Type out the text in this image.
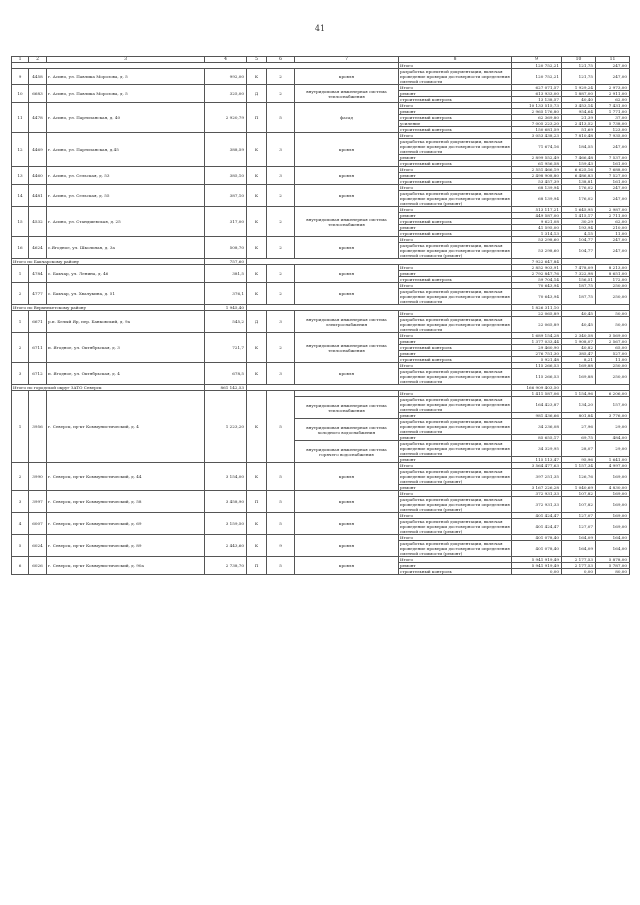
41
1	2	3	4	5	6	7	8	9	10	11
							Итого	120 752,21	121,75	247,00
9	4458	г. Асино, ул. Павлика Морозова, д. 5	992,00	К	2	кровля	разработка проектной документации, включая проведение проверки достоверности определения сметной стоимости	120 752,21	121,75	247,00
10	6683	г. Асино, ул. Павлика Морозова, д. 5	325,00	Д	2	внутридомовая инженерная система теплоснабжения	Итого	627 071,57	1 929,24	2 973,00
							ремонт	613 933,00	1 887,00	2 911,00
							строительный контроль	13 138,57	40,40	62,00
11	4478	г. Асино, ул. Партизанская, д. 40	2 920,79	П	5	фасад	Итого	10 133 515,73	3 453,14	7 431,00
							ремонт	2 965 176,80	954,64	1 771,00
							строительный контроль	62 369,80	21,39	37,00
							усиление	7 005 223,20	2 413,52	5 738,00
							строительный контроль	150 681,59	51,69	123,00
12	4469	г. Асино, ул. Партизанская, д.45	388,59	К	3	кровля	Итого	3 053 438,23	7 810,48	7 935,00
							разработка проектной документации, включая проведение проверки достоверности определения сметной стоимости	71 674,16	184,55	247,00
							ремонт	2 899 552,49	7 466,48	7 537,00
							строительный контроль	61 956,58	159,43	161,00
13	4460	г. Асино, ул. Сельская, д. 53	385,10	К	3	кровля	Итого	2 551 466,19	6 625,16	7 688,00
							ремонт	2 498 908,80	6 486,83	7 527,00
							строительный контроль	53 457,39	138,81	161,00
14	4481	г. Асино, ул. Сельская, д. 55	387,10	К	2	кровля	Итого	68 139,94	176,02	247,00
							разработка проектной документации, включая проведение проверки достоверности определения сметной стоимости (ремонт)	68 139,94	176,02	247,00
15	4532	г. Асино, ул. Стандшевская, д. 25	317,00	К	2	внутридомовая инженерная система теплоснабжения	Итого	513 117,21	1 645,95	2 987,00
							ремонт	449 587,00	1 415,17	2 711,00
							строительный контроль	9 621,08	30,29	62,00
							ремонт	41 595,00	193,94	210,00
							строительный контроль	1 314,13	4,15	11,00
16	4624	с.Ягодное, ул. Школьная, д. 3а	508,70	К	2	кровля	Итого	53 298,60	104,77	247,00
							разработка проектной документации, включая проведение проверки достоверности определения сметной стоимости (ремонт)	53 298,60	104,77	247,00
Итого по Бакчарскому району			757,60					7 922 647,84		
1	4784	с. Бакчар, ул. Ленина, д. 46	381,5	К	2	кровля	Итого	2 852 903,91	7 478,09	8 213,00
							ремонт	2 792 847,76	7 322,98	8 651,00
							строительный контроль	59 704,14	156,51	172,00
2	4777	с. Бакчар, ул. Хвалукина, д. 51	376,1	К	2	кровля	Итого	70 643,94	187,75	250,00
							разработка проектной документации, включая проведение проверки достоверности определения сметной стоимости	70 643,94	187,75	250,00
Итого по Верхнекетскому району			1 945,40					1 826 311,10		
1	6671	р.п. Белый Яр, пер. Банковский, д. 9а	545,2	Д	3	внутридомовая инженерная система электроснабжения	Итого	22 065,89	40,45	50,00
							разработка проектной документации, включая проведение проверки достоверности определения сметной стоимости	22 065,89	40,45	50,00
2	6711	п. Ягодное, ул. Октябрьская, д. 3	721,7	К	2	внутридомовая инженерная система теплоснабжения	Итого	1 689 154,28	2 340,58	3 569,00
							ремонт	1 377 033,44	1 908,07	2 567,00
							строительный контроль	29 460,90	40,82	65,00
							ремонт	276 751,30	385,47	527,00
							строительный контроль	5 921,48	8,21	11,00
3	6712	п. Ягодное, ул. Октябрьская, д. 4	678,5	К	3	кровля	Итого	115 266,53	169,88	250,00
							разработка проектной документации, включая проведение проверки достоверности определения сметной стоимости	115 266,53	169,88	250,00
Итого по городской округ ЗАТО Северск			861 142,53					166 909 403,50		
1	3956	г. Северск, пр-кт Коммунистический, д. 4	1 223,20	К	5		Итого	1 411 587,06	1 154,96	6 206,00
						внутридомовая инженерная система теплоснабжения	разработка проектной документации, включая проведение проверки достоверности определения сметной стоимости	164 423,87	134,20	157,00
							ремонт	981 436,66	801,84	3 776,00
						внутридомовая инженерная система холодного водоснабжения	разработка проектной документации, включая проведение проверки достоверности определения сметной стоимости	34 236,08	27,96	29,00
							ремонт	85 655,17	69,75	484,00
						внутридомовая инженерная система горячего водоснабжения	разработка проектной документации, включая проведение проверки достоверности определения сметной стоимости	34 329,95	28,07	29,00
							ремонт	115 113,47	95,96	1 641,00
2	3990	г. Северск, пр-кт Коммунистический, д. 44	3 154,00	К	5	кровля	Итого	3 564 477,63	1 157,34	4 997,00
							разработка проектной документации, включая проведение проверки достоверности определения сметной стоимости (ремонт)	397 251,35	126,76	169,00
							ремонт	3 167 226,28	1 040,69	4 830,00
3	3997	г. Северск, пр-кт Коммунистический, д. 58	3 458,90	П	5	кровля	Итого	372 931,33	107,82	169,00
							разработка проектной документации, включая проведение проверки достоверности определения сметной стоимости (ремонт)	372 931,33	107,82	169,00
4	6007	г. Северск, пр-кт Коммунистический, д. 69	3 159,50	К	5	кровля	Итого	401 424,47	127,07	169,00
							разработка проектной документации, включая проведение проверки достоверности определения сметной стоимости (ремонт)	401 424,47	127,07	169,00
5	6024	г. Северск, пр-кт Коммунистический, д. 89	2 443,60	К	9	кровля	Итого	401 078,40	164,09	164,00
							разработка проектной документации, включая проведение проверки достоверности определения сметной стоимости (ремонт)	401 078,40	164,09	164,00
6	6026	г. Северск, пр-кт Коммунистический, д. 90а	2 738,70	П	5	кровля	Итого	5 941 919,49	2 177,53	5 878,00
							ремонт	5 941 919,49	2 177,53	5 787,00
							строительный контроль	0,00	0,00	80,00
